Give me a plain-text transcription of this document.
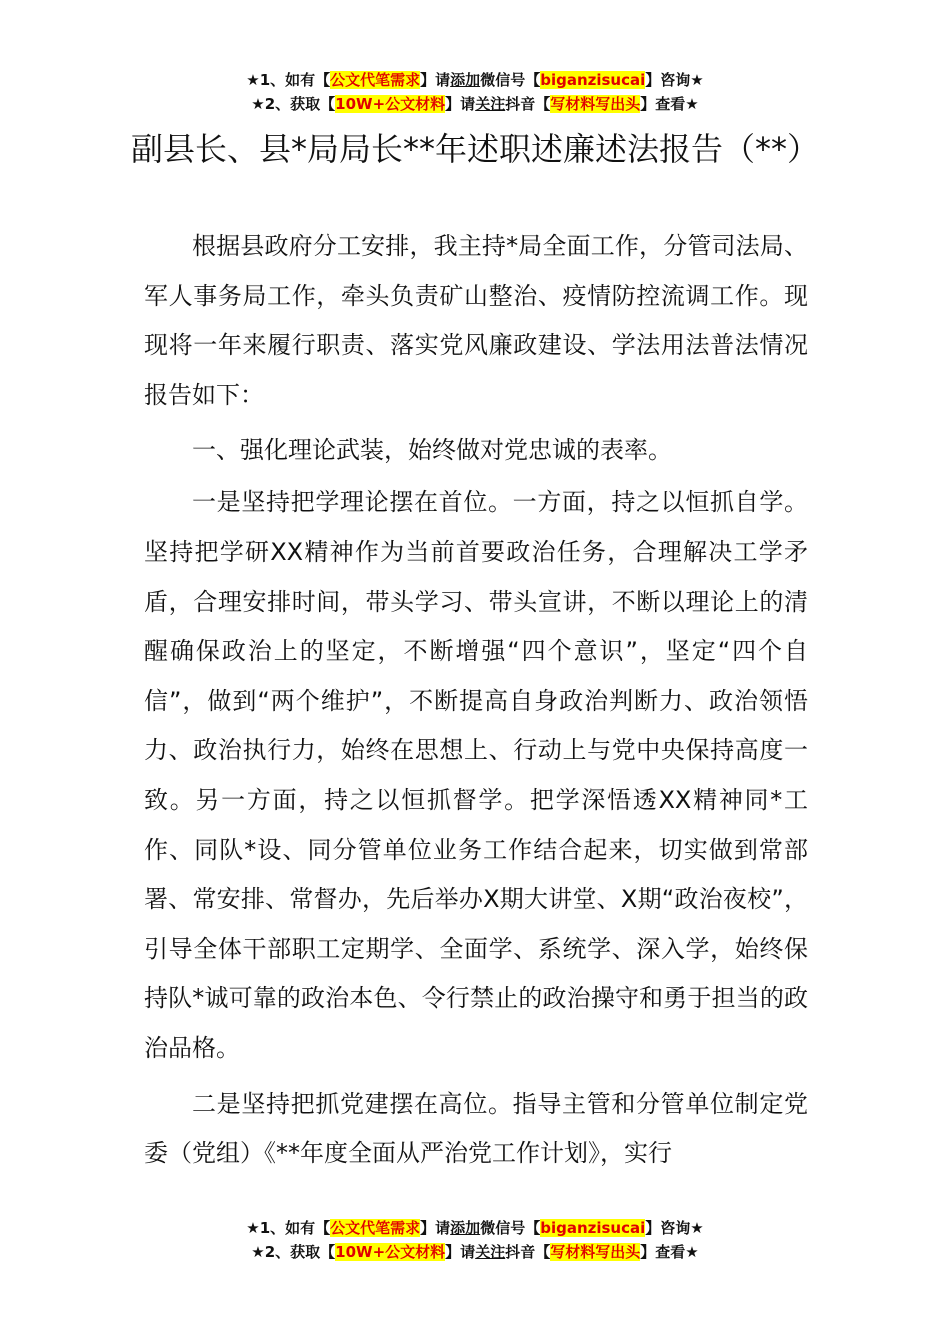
★1、如有【公文代笔需求】请添加微信号【biganzisucai】咨询★
★2、获取【10W+公文材料】请关注抖音【写材料写出头】查看★
副县长、县*局局长**年述职述廉述法报告（**）

根据县政府分工安排，我主持*局全面工作，分管司法局、军人事务局工作，牵头负责矿山整治、疫情防控流调工作。现现将一年来履行职责、落实党风廉政建设、学法用法普法情况报告如下：

一、强化理论武装，始终做对党忠诚的表率。

一是坚持把学理论摆在首位。一方面，持之以恒抓自学。坚持把学研XX精神作为当前首要政治任务，合理解决工学矛盾，合理安排时间，带头学习、带头宣讲，不断以理论上的清醒确保政治上的坚定，不断增强“四个意识”，坚定“四个自信”，做到“两个维护”，不断提高自身政治判断力、政治领悟力、政治执行力，始终在思想上、行动上与党中央保持高度一致。另一方面，持之以恒抓督学。把学深悟透XX精神同*工作、同队*设、同分管单位业务工作结合起来，切实做到常部署、常安排、常督办，先后举办X期大讲堂、X期“政治夜校”，引导全体干部职工定期学、全面学、系统学、深入学，始终保持队*诚可靠的政治本色、令行禁止的政治操守和勇于担当的政治品格。

二是坚持把抓党建摆在高位。指导主管和分管单位制定党委（党组）《**年度全面从严治党工作计划》，实行

★1、如有【公文代笔需求】请添加微信号【biganzisucai】咨询★
★2、获取【10W+公文材料】请关注抖音【写材料写出头】查看★
